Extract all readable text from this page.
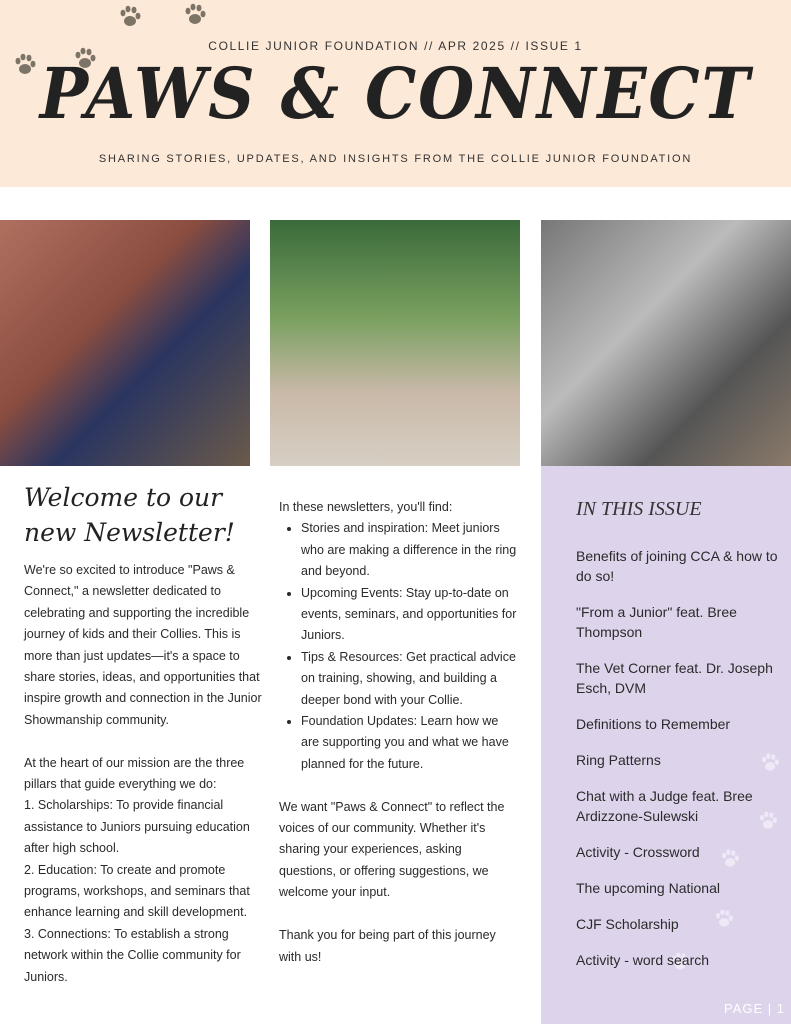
COLLIE JUNIOR FOUNDATION // APR 2025 // ISSUE 1
PAWS & CONNECT
SHARING STORIES, UPDATES, AND INSIGHTS FROM THE COLLIE JUNIOR FOUNDATION
Welcome to our new Newsletter!

We're so excited to introduce "Paws & Connect," a newsletter dedicated to celebrating and supporting the incredible journey of kids and their Collies. This is more than just updates—it's a space to share stories, ideas, and opportunities that inspire growth and connection in the Junior Showmanship community.

At the heart of our mission are the three pillars that guide everything we do:
1. Scholarships: To provide financial assistance to Juniors pursuing education after high school.
2. Education: To create and promote programs, workshops, and seminars that enhance learning and skill development.
3. Connections: To establish a strong network within the Collie community for Juniors.
In these newsletters, you'll find:
• Stories and inspiration: Meet juniors who are making a difference in the ring and beyond.
• Upcoming Events: Stay up-to-date on events, seminars, and opportunities for Juniors.
• Tips & Resources: Get practical advice on training, showing, and building a deeper bond with your Collie.
• Foundation Updates: Learn how we are supporting you and what we have planned for the future.

We want "Paws & Connect" to reflect the voices of our community. Whether it's sharing your experiences, asking questions, or offering suggestions, we welcome your input.

Thank you for being part of this journey with us!

IN THIS ISSUE
Benefits of joining CCA & how to do so!
"From a Junior" feat. Bree Thompson
The Vet Corner feat. Dr. Joseph Esch, DVM
Definitions to Remember
Ring Patterns
Chat with a Judge feat. Bree Ardizzone-Sulewski
Activity - Crossword
The upcoming National
CJF Scholarship
Activity - word search
PAGE | 1
